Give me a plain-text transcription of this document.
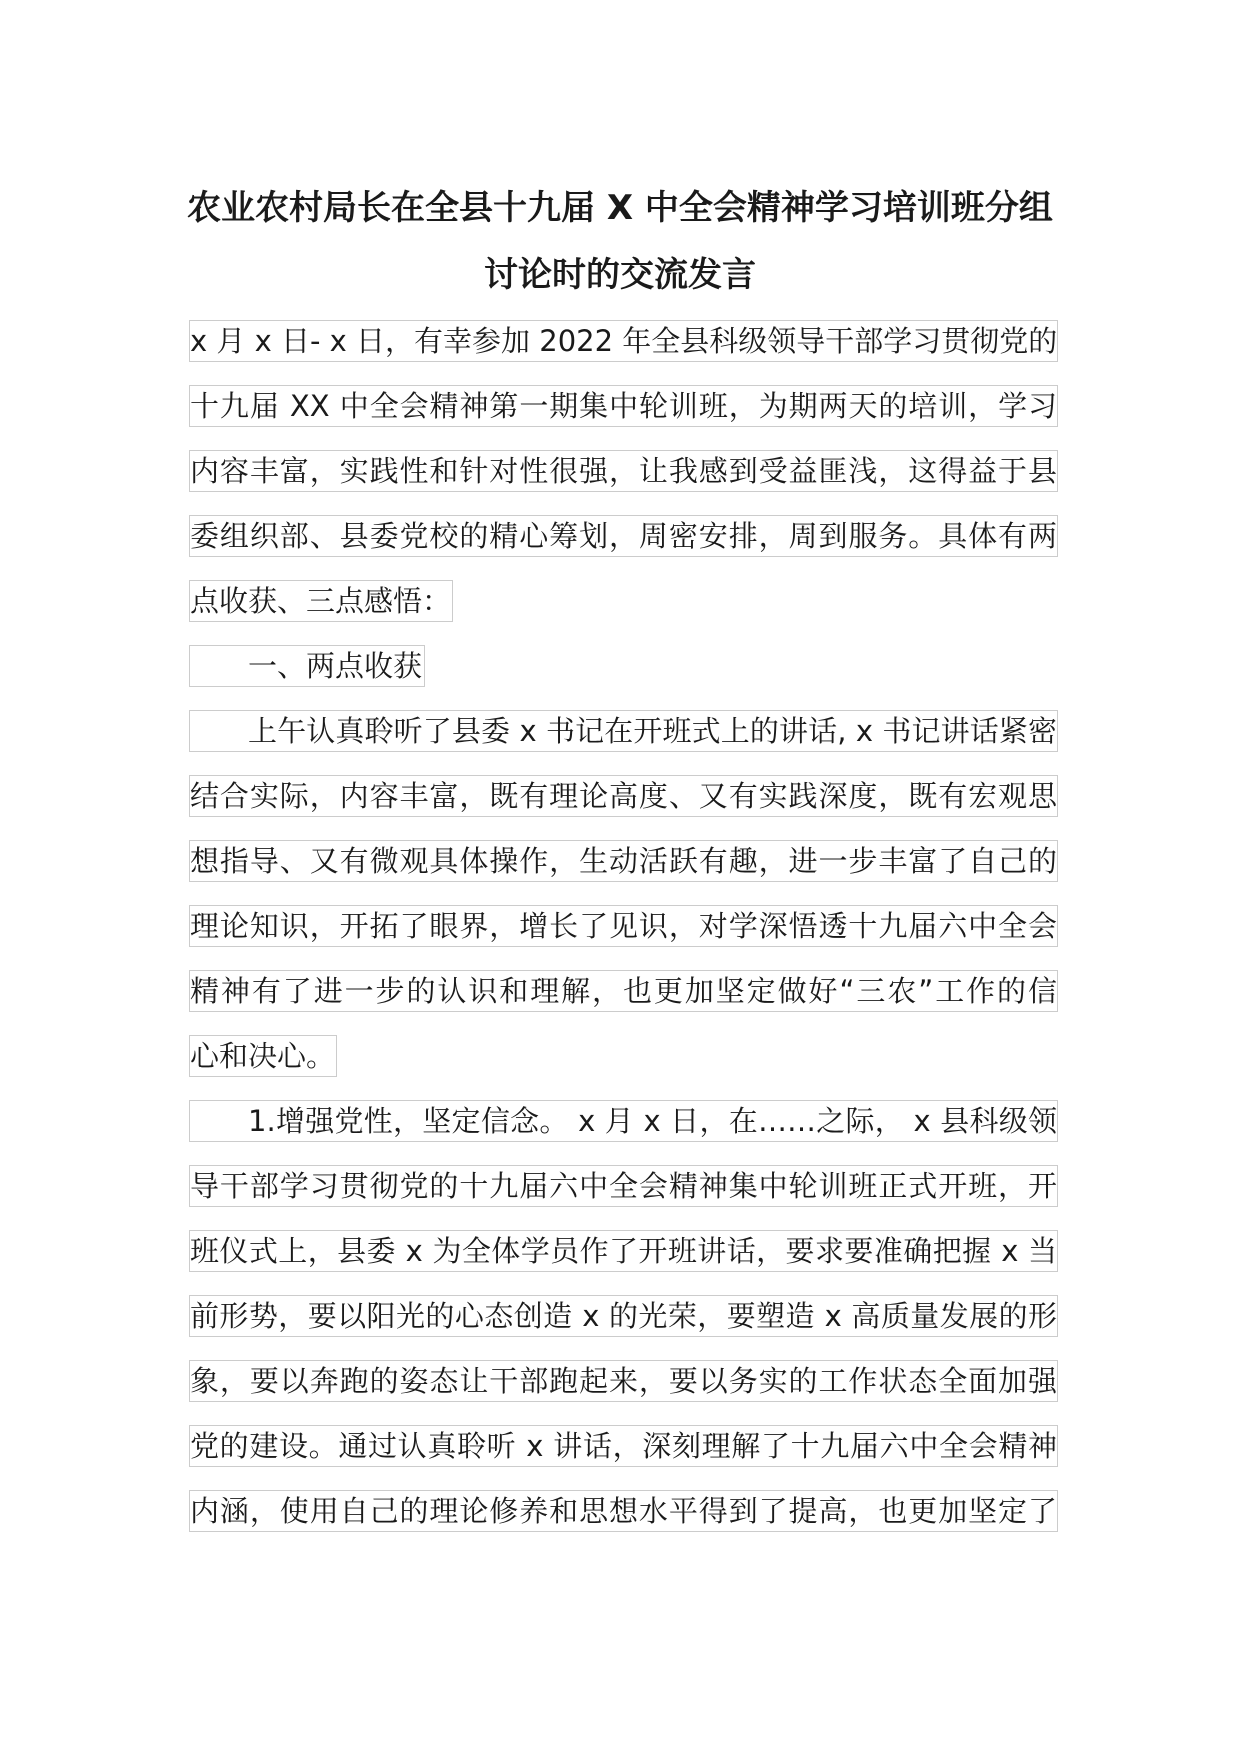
农业农村局长在全县十九届 X 中全会精神学习培训班分组
讨论时的交流发言
x 月 x 日- x 日，有幸参加 2022 年全县科级领导干部学习贯彻党的
十九届 XX 中全会精神第一期集中轮训班，为期两天的培训，学习
内容丰富，实践性和针对性很强，让我感到受益匪浅，这得益于县
委组织部、县委党校的精心筹划，周密安排，周到服务。具体有两
点收获、三点感悟：
一、两点收获
上午认真聆听了县委 x 书记在开班式上的讲话, x 书记讲话紧密
结合实际，内容丰富，既有理论高度、又有实践深度，既有宏观思
想指导、又有微观具体操作，生动活跃有趣，进一步丰富了自己的
理论知识，开拓了眼界，增长了见识，对学深悟透十九届六中全会
精神有了进一步的认识和理解，也更加坚定做好“三农”工作的信
心和决心。
1.增强党性，坚定信念。 x 月 x 日，在……之际， x 县科级领
导干部学习贯彻党的十九届六中全会精神集中轮训班正式开班，开
班仪式上，县委 x 为全体学员作了开班讲话，要求要准确把握 x 当
前形势，要以阳光的心态创造 x 的光荣，要塑造 x 高质量发展的形
象，要以奔跑的姿态让干部跑起来，要以务实的工作状态全面加强
党的建设。通过认真聆听 x 讲话，深刻理解了十九届六中全会精神
内涵，使用自己的理论修养和思想水平得到了提高，也更加坚定了
